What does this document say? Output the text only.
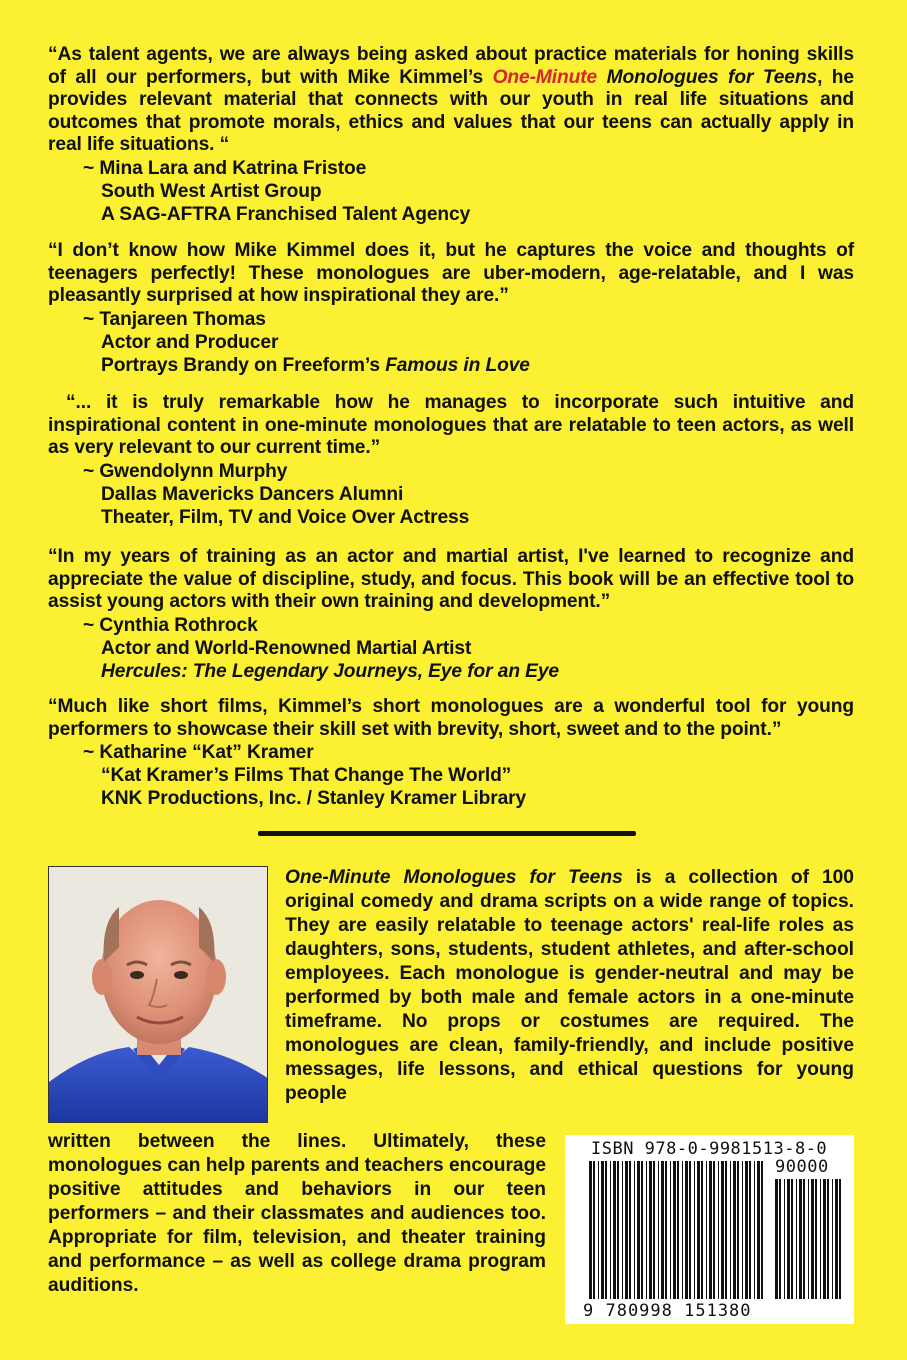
“As talent agents, we are always being asked about practice materials for honing skills of all our performers, but with Mike Kimmel’s One-Minute Monologues for Teens, he provides relevant material that connects with our youth in real life situations and outcomes that promote morals, ethics and values that our teens can actually apply in real life situations. “

~ Mina Lara and Katrina Fristoe
South West Artist Group
A SAG-AFTRA Franchised Talent Agency

“I don’t know how Mike Kimmel does it, but he captures the voice and thoughts of teenagers perfectly! These monologues are uber-modern, age-relatable, and I was pleasantly surprised at how inspirational they are.”

~ Tanjareen Thomas
Actor and Producer
Portrays Brandy on Freeform’s Famous in Love

“... it is truly remarkable how he manages to incorporate such intuitive and inspirational content in one-minute monologues that are relatable to teen actors, as well as very relevant to our current time.”

~ Gwendolynn Murphy
Dallas Mavericks Dancers Alumni
Theater, Film, TV and Voice Over Actress

“In my years of training as an actor and martial artist, I've learned to recognize and appreciate the value of discipline, study, and focus. This book will be an effective tool to assist young actors with their own training and development.”

~ Cynthia Rothrock
Actor and World-Renowned Martial Artist
Hercules: The Legendary Journeys, Eye for an Eye

“Much like short films, Kimmel’s short monologues are a wonderful tool for young performers to showcase their skill set with brevity, short, sweet and to the point.”

~ Katharine “Kat” Kramer
“Kat Kramer’s Films That Change The World”
KNK Productions, Inc. / Stanley Kramer Library

One-Minute Monologues for Teens is a collection of 100 original comedy and drama scripts on a wide range of topics. They are easily relatable to teenage actors' real-life roles as daughters, sons, students, student athletes, and after-school employees. Each monologue is gender-neutral and may be performed by both male and female actors in a one-minute timeframe. No props or costumes are required. The monologues are clean, family-friendly, and include positive messages, life lessons, and ethical questions for young people

written between the lines. Ultimately, these monologues can help parents and teachers encourage positive attitudes and behaviors in our teen performers – and their classmates and audiences too. Appropriate for film, television, and theater training and performance – as well as college drama program auditions.

ISBN 978-0-9981513-8-0
90000
9 780998 151380
